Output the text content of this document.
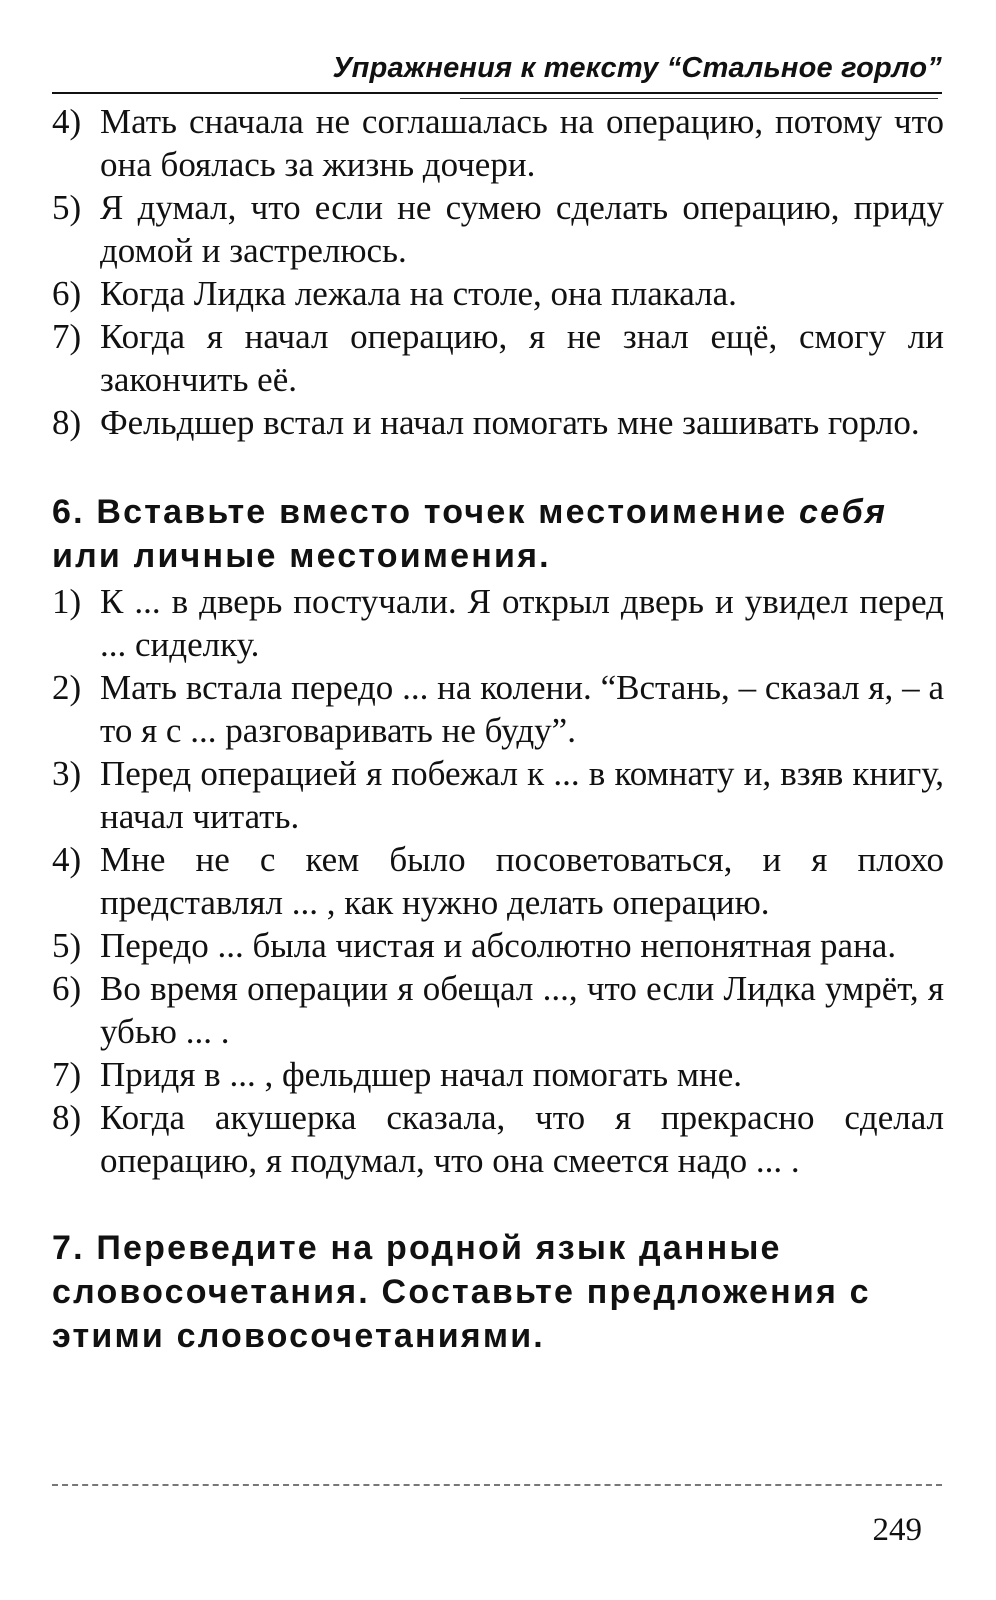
Упражнения к тексту “Стальное горло”
4) Мать сначала не соглашалась на операцию, потому что она боялась за жизнь дочери.
5) Я думал, что если не сумею сделать операцию, приду домой и застрелюсь.
6) Когда Лидка лежала на столе, она плакала.
7) Когда я начал операцию, я не знал ещё, смогу ли закончить её.
8) Фельдшер встал и начал помогать мне зашивать горло.
6. Вставьте вместо точек местоимение себя или личные местоимения.
1) К ... в дверь постучали. Я открыл дверь и увидел перед ... сиделку.
2) Мать встала передо ... на колени. “Встань, – сказал я, – а то я с ... разговаривать не буду”.
3) Перед операцией я побежал к ... в комнату и, взяв книгу, начал читать.
4) Мне не с кем было посоветоваться, и я плохо представлял ... , как нужно делать операцию.
5) Передо ... была чистая и абсолютно непонятная рана.
6) Во время операции я обещал ..., что если Лидка умрёт, я убью ... .
7) Придя в ... , фельдшер начал помогать мне.
8) Когда акушерка сказала, что я прекрасно сделал операцию, я подумал, что она смеется надо ... .
7. Переведите на родной язык данные словосочетания. Составьте предложения с этими словосочетаниями.
249
